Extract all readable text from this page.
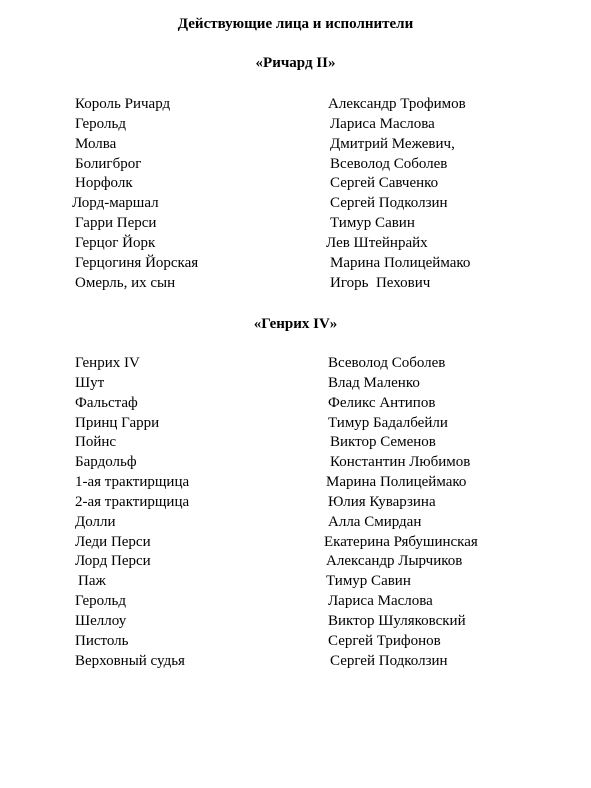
Действующие лица и исполнители
«Ричард II»
Король Ричард	Александр Трофимов
Герольд	Лариса Маслова
Молва	Дмитрий Межевич,
Болигброг	Всеволод Соболев
Норфолк	Сергей Савченко
Лорд-маршал	Сергей Подколзин
Гарри Перси	Тимур Савин
Герцог Йорк	Лев Штейнрайх
Герцогиня Йорская	Марина Полицеймако
Омерль, их сын	Игорь  Пехович
«Генрих IV»
Генрих IV	Всеволод Соболев
Шут	Влад Маленко
Фальстаф	Феликс Антипов
Принц Гарри	Тимур Бадалбейли
Пойнс	Виктор Семенов
Бардольф	Константин Любимов
1-ая трактирщица	Марина Полицеймако
2-ая трактирщица	Юлия Куварзина
Долли	Алла Смирдан
Леди Перси	Екатерина Рябушинская
Лорд Перси	Александр Лырчиков
Паж	Тимур Савин
Герольд	Лариса Маслова
Шеллоу	Виктор Шуляковский
Пистоль	Сергей Трифонов
Верховный судья	Сергей Подколзин
